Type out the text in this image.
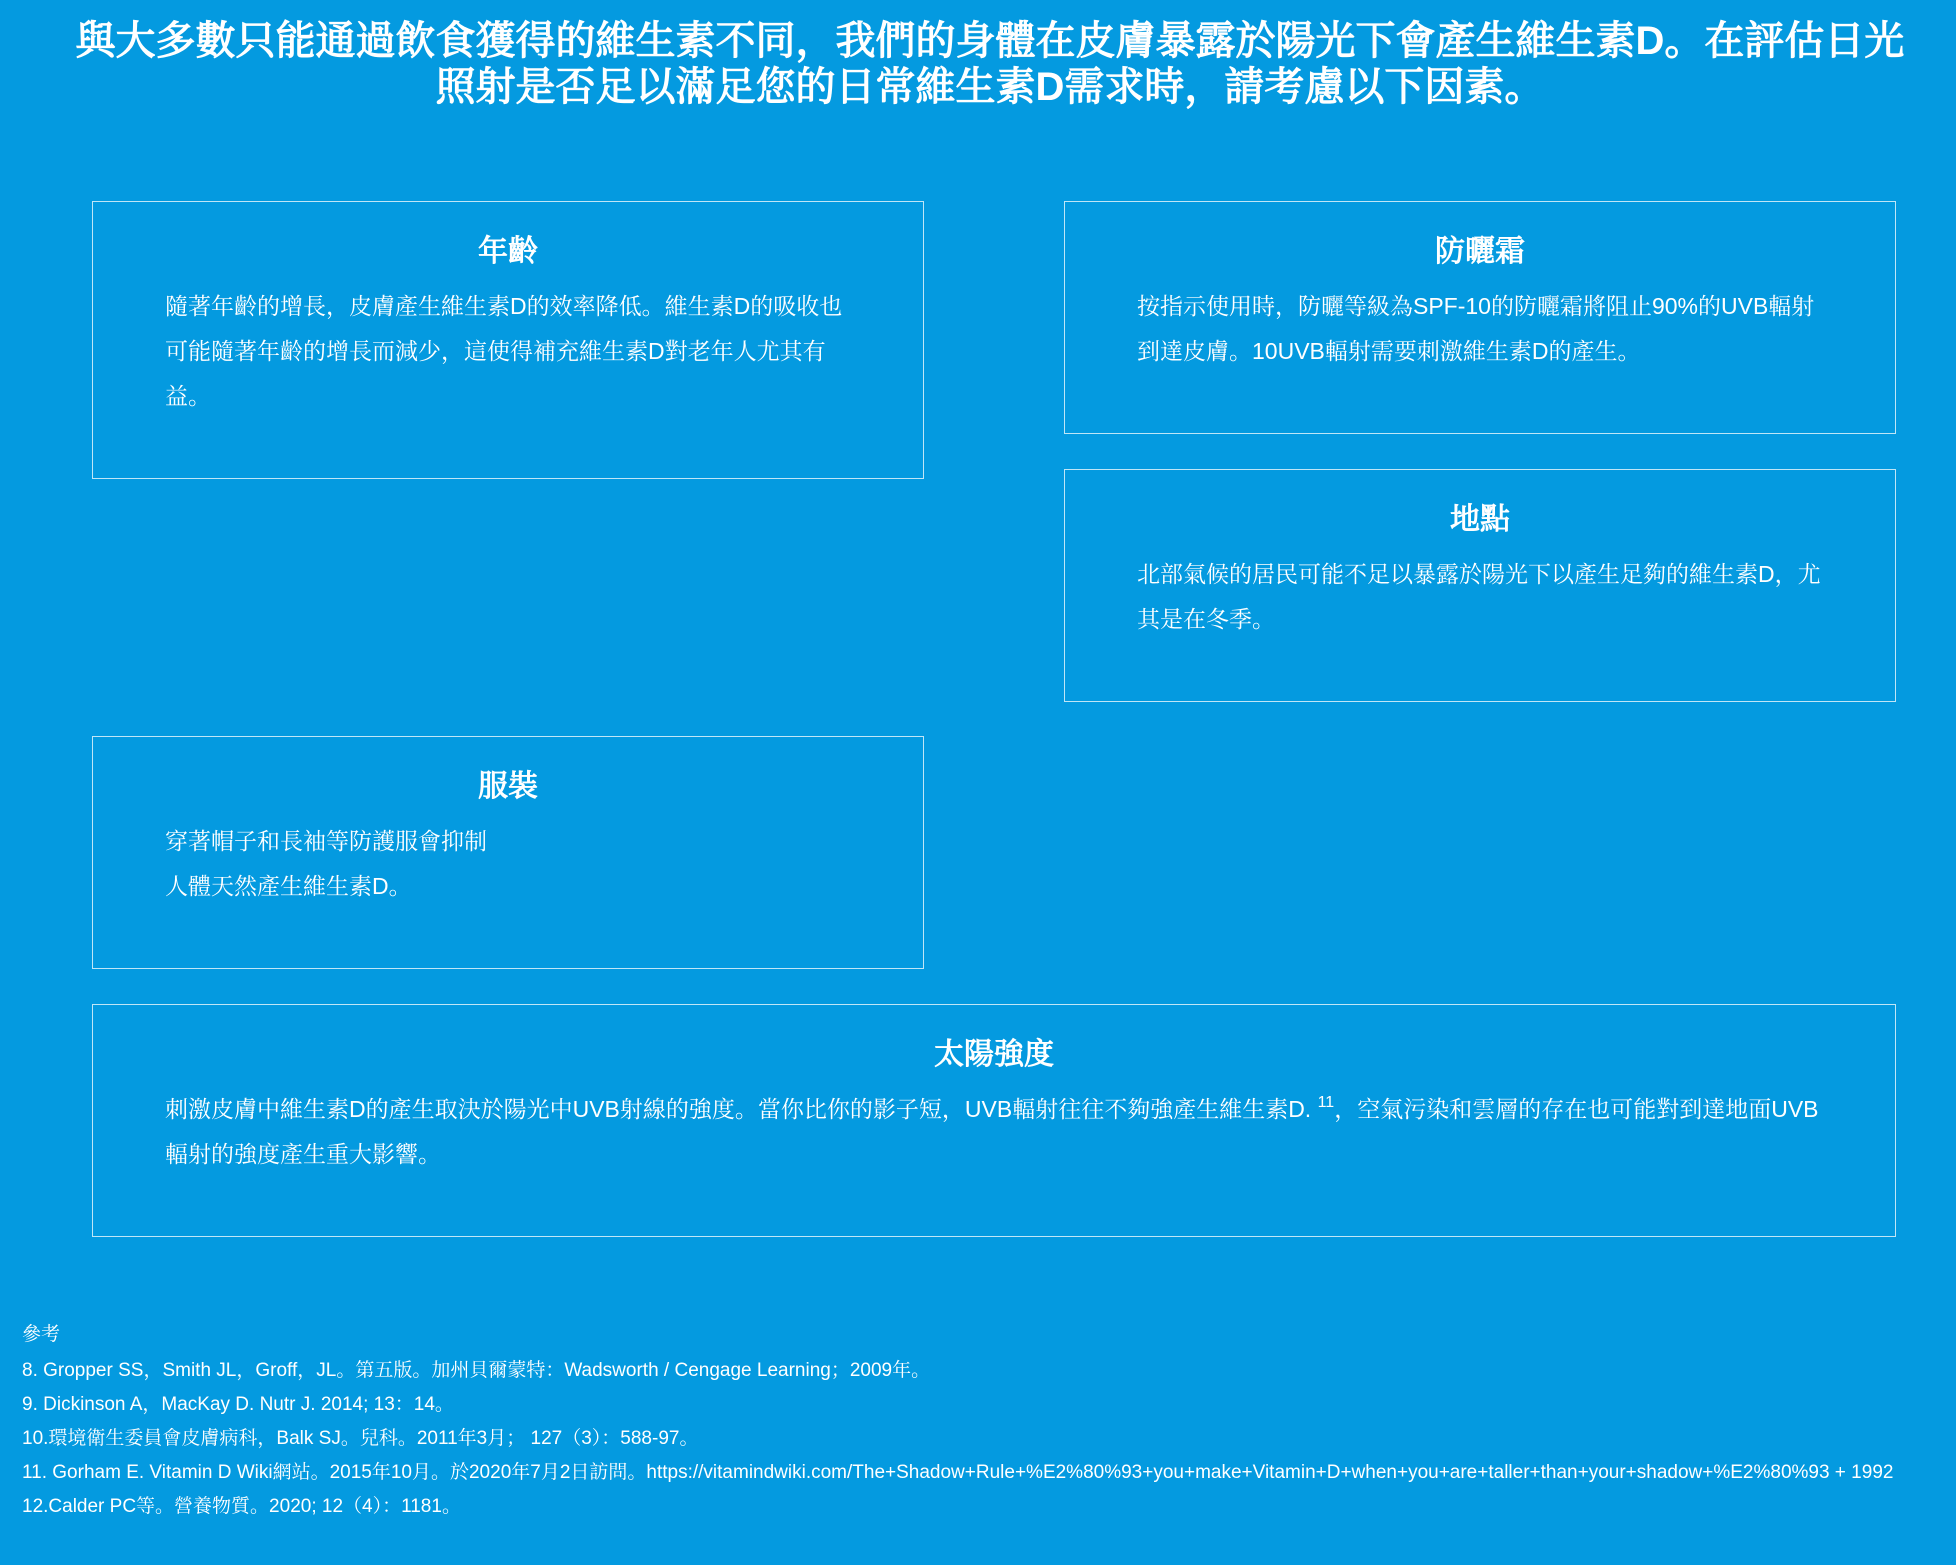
與大多數只能通過飲食獲得的維生素不同，我們的身體在皮膚暴露於陽光下會產生維生素D。在評估日光照射是否足以滿足您的日常維生素D需求時，請考慮以下因素。

年齡

隨著年齡的增長，皮膚產生維生素D的效率降低。維生素D的吸收也可能隨著年齡的增長而減少，這使得補充維生素D對老年人尤其有益。

防曬霜

按指示使用時，防曬等級為SPF-10的防曬霜將阻止90%的UVB輻射到達皮膚。10UVB輻射需要刺激維生素D的產生。

地點

北部氣候的居民可能不足以暴露於陽光下以產生足夠的維生素D，尤其是在冬季。

服裝

穿著帽子和長袖等防護服會抑制人體天然產生維生素D。

太陽強度

刺激皮膚中維生素D的產生取決於陽光中UVB射線的強度。當你比你的影子短，UVB輻射往往不夠強產生維生素D. $^{11}$，空氣污染和雲層的存在也可能對到達地面UVB輻射的強度產生重大影響。

參考
8. Gropper SS，Smith JL，Groff，JL。第五版。加州貝爾蒙特：Wadsworth / Cengage Learning；2009年。
9. Dickinson A，MacKay D. Nutr J. 2014; 13：14。
10.環境衛生委員會皮膚病科，Balk SJ。兒科。2011年3月； 127（3）：588-97。
11. Gorham E. Vitamin D Wiki網站。2015年10月。於2020年7月2日訪問。https://vitamindwiki.com/The+Shadow+Rule+%E2%80%93+you+make+Vitamin+D+when+you+are+taller+than+your+shadow+%E2%80%93 + 1992
12.Calder PC等。營養物質。2020; 12（4）：1181。
